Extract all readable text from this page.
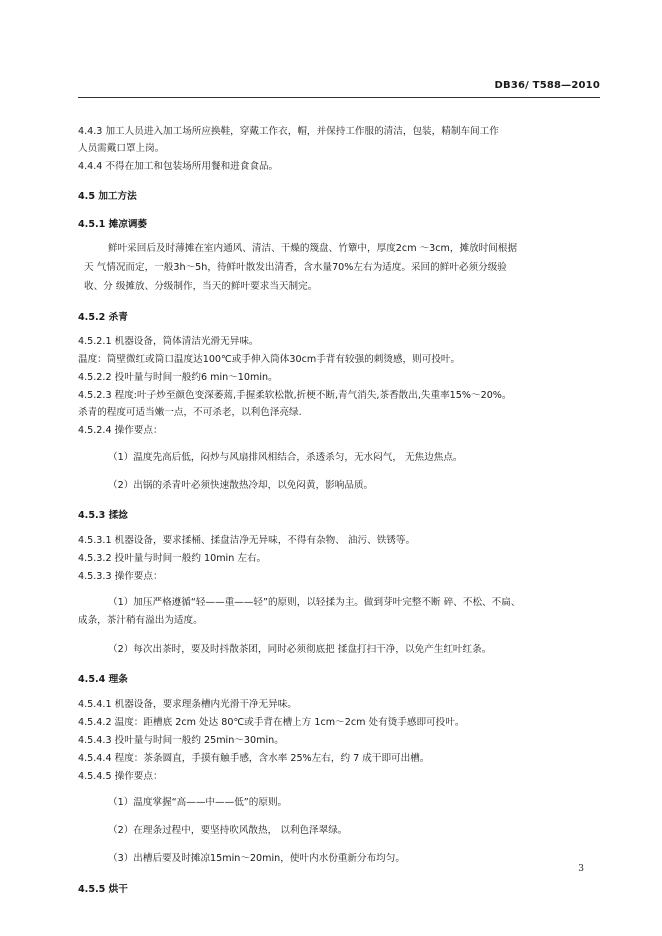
DB36/ T588—2010
4.4.3 加工人员进入加工场所应换鞋，穿戴工作衣，帽，并保持工作服的清洁，包装，精制车间工作
人员需戴口罩上岗。
4.4.4 不得在加工和包装场所用餐和进食食品。
4.5 加工方法
4.5.1 摊凉调萎
鲜叶采回后及时薄摊在室内通风、清洁、干燥的篾盘、竹簟中，厚度2cm ～3cm，摊放时间根据
天 气情况而定，一般3h～5h，待鲜叶散发出清香，含水量70%左右为适度。采回的鲜叶必须分级验
收、分 级摊放、分级制作，当天的鲜叶要求当天制完。
4.5.2 杀青
4.5.2.1 机器设备，筒体清洁光滑无异味。
温度：筒壁微红或筒口温度达100℃或手伸入筒体30cm手背有较强的刺烫感，则可投叶。
4.5.2.2 投叶量与时间一般约6 min～10min。
4.5.2.3 程度:叶子炒至颜色变深萎蔫,手握柔软松散,折梗不断,青气消失,茶香散出,失重率15%～20%。
杀青的程度可适当嫩一点，不可杀老，以利色泽亮绿.
4.5.2.4 操作要点：
（1）温度先高后低，闷炒与风扇排风相结合，杀透杀匀，无水闷气， 无焦边焦点。
（2）出锅的杀青叶必须快速散热冷却，以免闷黄，影响品质。
4.5.3 揉捻
4.5.3.1 机器设备，要求揉桶、揉盘洁净无异味，不得有杂物、 油污、铁锈等。
4.5.3.2 投叶量与时间一般约 10min 左右。
4.5.3.3 操作要点：
（1）加压严格遵循“轻——重——轻”的原则，以轻揉为主。做到芽叶完整不断 碎、不松、不扁、
成条，茶汁稍有溢出为适度。
（2）每次出茶时，要及时抖散茶团，同时必须彻底把 揉盘打扫干净，以免产生红叶红条。
4.5.4 理条
4.5.4.1 机器设备，要求理条槽内光滑干净无异味。
4.5.4.2 温度：距槽底 2cm 处达 80℃或手背在槽上方 1cm～2cm 处有烫手感即可投叶。
4.5.4.3 投叶量与时间一般约 25min～30min。
4.5.4.4 程度：茶条圆直，手摸有触手感，含水率 25%左右，约 7 成干即可出槽。
4.5.4.5 操作要点：
（1）温度掌握“高——中——低”的原则。
（2）在理条过程中，要坚持吹风散热， 以利色泽翠绿。
（3）出槽后要及时摊凉15min～20min，使叶内水份重新分布均匀。
4.5.5 烘干
3
